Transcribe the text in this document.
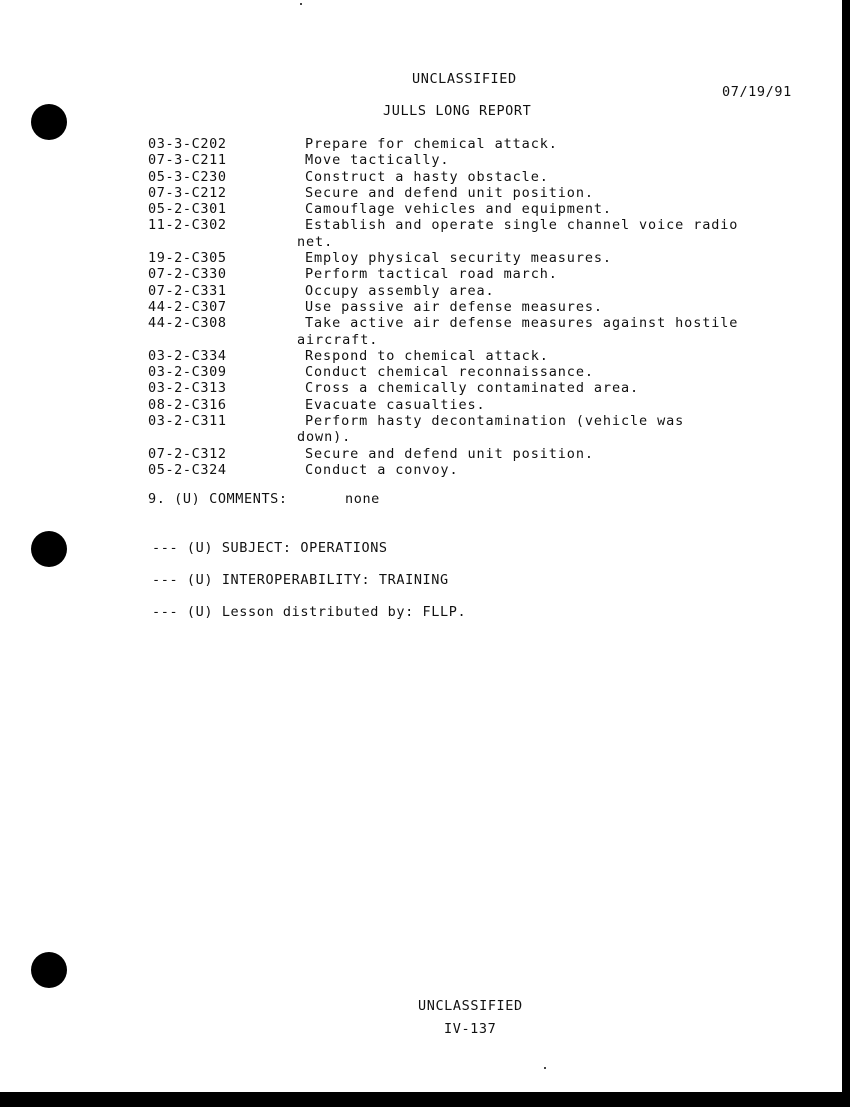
UNCLASSIFIED
07/19/91
JULLS LONG REPORT
03-3-C202	Prepare for chemical attack.
07-3-C211	Move tactically.
05-3-C230	Construct a hasty obstacle.
07-3-C212	Secure and defend unit position.
05-2-C301	Camouflage vehicles and equipment.
11-2-C302	Establish and operate single channel voice radio
net.
19-2-C305	Employ physical security measures.
07-2-C330	Perform tactical road march.
07-2-C331	Occupy assembly area.
44-2-C307	Use passive air defense measures.
44-2-C308	Take active air defense measures against hostile
aircraft.
03-2-C334	Respond to chemical attack.
03-2-C309	Conduct chemical reconnaissance.
03-2-C313	Cross a chemically contaminated area.
08-2-C316	Evacuate casualties.
03-2-C311	Perform hasty decontamination (vehicle was
down).
07-2-C312	Secure and defend unit position.
05-2-C324	Conduct a convoy.
9. (U) COMMENTS:	none
--- (U) SUBJECT: OPERATIONS
--- (U) INTEROPERABILITY: TRAINING
--- (U) Lesson distributed by: FLLP.
UNCLASSIFIED
IV-137
